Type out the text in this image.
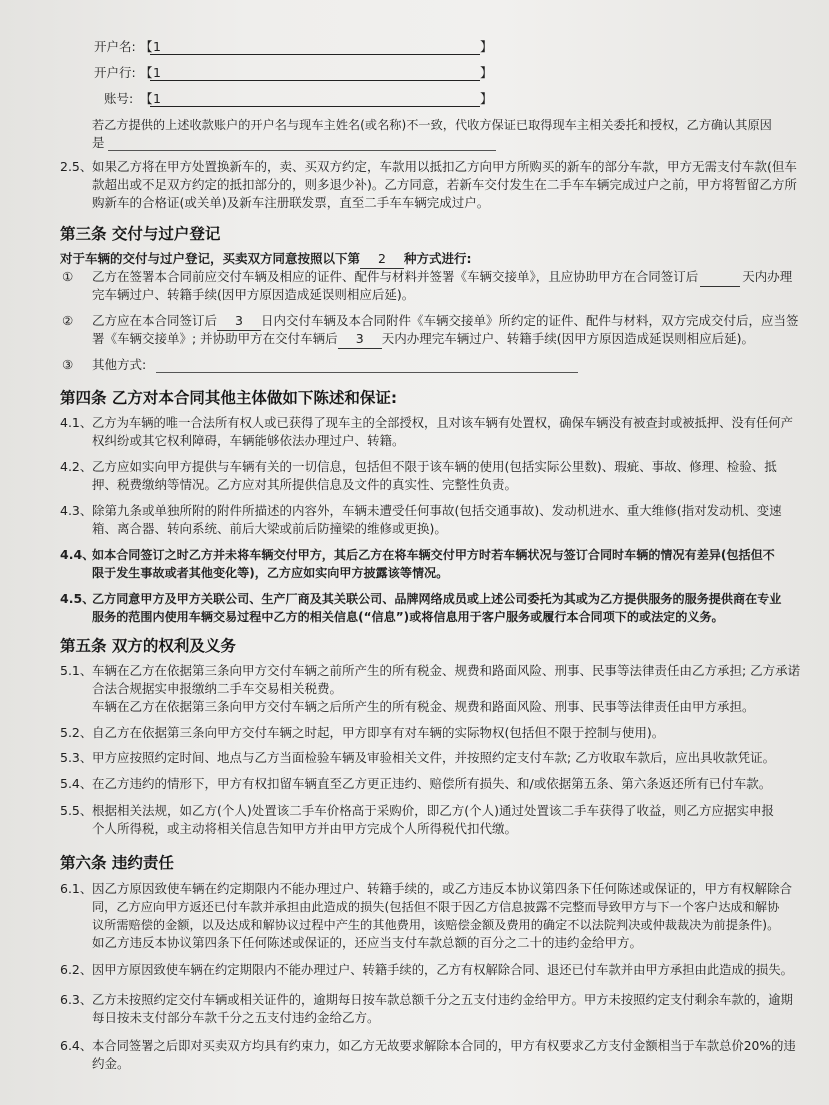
开户名: 【 1	】
开户行: 【 1	】
账号: 【 1	】
若乙方提供的上述收款账户的开户名与现车主姓名(或名称)不一致，代收方保证已取得现车主相关委托和授权，乙方确认其原因
是
2.5、 如果乙方将在甲方处置换新车的，卖、买双方约定，车款用以抵扣乙方向甲方所购买的新车的部分车款，甲方无需支付车款(但车
款超出或不足双方约定的抵扣部分的，则多退少补)。乙方同意，若新车交付发生在二手车车辆完成过户之前，甲方将暂留乙方所
购新车的合格证(或关单)及新车注册联发票，直至二手车车辆完成过户。
第三条 交付与过户登记
对于车辆的交付与过户登记，买卖双方同意按照以下第 2 种方式进行:
① 乙方在签署本合同前应交付车辆及相应的证件、配件与材料并签署《车辆交接单》，且应协助甲方在合同签订后	天内办理
完车辆过户、转籍手续(因甲方原因造成延误则相应后延)。
② 乙方应在本合同签订后 3 日内交付车辆及本合同附件《车辆交接单》所约定的证件、配件与材料，双方完成交付后，应当签
署《车辆交接单》; 并协助甲方在交付车辆后 3 天内办理完车辆过户、转籍手续(因甲方原因造成延误则相应后延)。
③ 其他方式:
第四条 乙方对本合同其他主体做如下陈述和保证:
4.1、 乙方为车辆的唯一合法所有权人或已获得了现车主的全部授权，且对该车辆有处置权，确保车辆没有被查封或被抵押、没有任何产
权纠纷或其它权利障碍，车辆能够依法办理过户、转籍。
4.2、 乙方应如实向甲方提供与车辆有关的一切信息，包括但不限于该车辆的使用(包括实际公里数)、瑕疵、事故、修理、检验、抵
押、税费缴纳等情况。乙方应对其所提供信息及文件的真实性、完整性负责。
4.3、 除第九条或单独所附的附件所描述的内容外，车辆未遭受任何事故(包括交通事故)、发动机进水、重大维修(指对发动机、变速
箱、离合器、转向系统、前后大梁或前后防撞梁的维修或更换)。
4.4、
如本合同签订之时乙方并未将车辆交付甲方，其后乙方在将车辆交付甲方时若车辆状况与签订合同时车辆的情况有差异(包括但不
限于发生事故或者其他变化等)，乙方应如实向甲方披露该等情况。
4.5、
乙方同意甲方及甲方关联公司、生产厂商及其关联公司、品牌网络成员或上述公司委托为其或为乙方提供服务的服务提供商在专业
服务的范围内使用车辆交易过程中乙方的相关信息(“信息”)或将信息用于客户服务或履行本合同项下的或法定的义务。
第五条 双方的权利及义务
5.1、 车辆在乙方在依据第三条向甲方交付车辆之前所产生的所有税金、规费和路面风险、刑事、民事等法律责任由乙方承担; 乙方承诺
合法合规据实申报缴纳二手车交易相关税费。
车辆在乙方在依据第三条向甲方交付车辆之后所产生的所有税金、规费和路面风险、刑事、民事等法律责任由甲方承担。
5.2、 自乙方在依据第三条向甲方交付车辆之时起，甲方即享有对车辆的实际物权(包括但不限于控制与使用)。
5.3、 甲方应按照约定时间、地点与乙方当面检验车辆及审验相关文件，并按照约定支付车款; 乙方收取车款后，应出具收款凭证。
5.4、 在乙方违约的情形下，甲方有权扣留车辆直至乙方更正违约、赔偿所有损失、和/或依据第五条、第六条返还所有已付车款。
5.5、 根据相关法规，如乙方(个人)处置该二手车价格高于采购价，即乙方(个人)通过处置该二手车获得了收益，则乙方应据实申报
个人所得税，或主动将相关信息告知甲方并由甲方完成个人所得税代扣代缴。
第六条 违约责任
6.1、 因乙方原因致使车辆在约定期限内不能办理过户、转籍手续的，或乙方违反本协议第四条下任何陈述或保证的，甲方有权解除合
同，乙方应向甲方返还已付车款并承担由此造成的损失(包括但不限于因乙方信息披露不完整而导致甲方与下一个客户达成和解协
议所需赔偿的金额，以及达成和解协议过程中产生的其他费用，该赔偿金额及费用的确定不以法院判决或仲裁裁决为前提条件)。
如乙方违反本协议第四条下任何陈述或保证的，还应当支付车款总额的百分之二十的违约金给甲方。
6.2、 因甲方原因致使车辆在约定期限内不能办理过户、转籍手续的，乙方有权解除合同、退还已付车款并由甲方承担由此造成的损失。
6.3、 乙方未按照约定交付车辆或相关证件的，逾期每日按车款总额千分之五支付违约金给甲方。甲方未按照约定支付剩余车款的，逾期
每日按未支付部分车款千分之五支付违约金给乙方。
6.4、 本合同签署之后即对买卖双方均具有约束力，如乙方无故要求解除本合同的，甲方有权要求乙方支付金额相当于车款总价20%的违
约金。
